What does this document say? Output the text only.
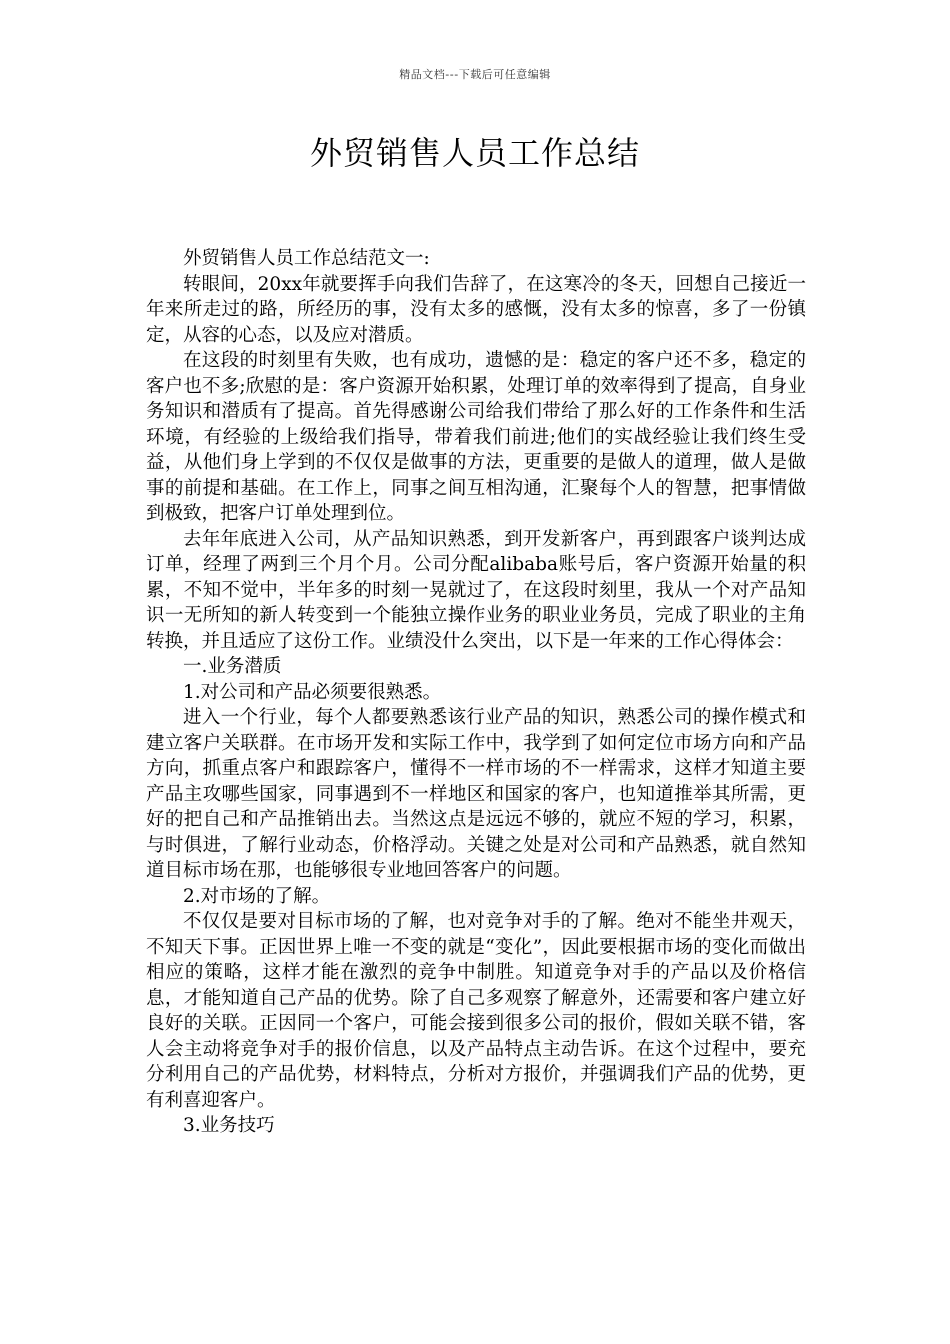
精品文档---下载后可任意编辑
外贸销售人员工作总结

外贸销售人员工作总结范文一:

转眼间，20xx年就要挥手向我们告辞了，在这寒冷的冬天，回想自己接近一年来所走过的路，所经历的事，没有太多的感慨，没有太多的惊喜，多了一份镇定，从容的心态，以及应对潜质。

在这段的时刻里有失败，也有成功，遗憾的是：稳定的客户还不多，稳定的客户也不多;欣慰的是：客户资源开始积累，处理订单的效率得到了提高，自身业务知识和潜质有了提高。首先得感谢公司给我们带给了那么好的工作条件和生活环境，有经验的上级给我们指导，带着我们前进;他们的实战经验让我们终生受益，从他们身上学到的不仅仅是做事的方法，更重要的是做人的道理，做人是做事的前提和基础。在工作上，同事之间互相沟通，汇聚每个人的智慧，把事情做到极致，把客户订单处理到位。

去年年底进入公司，从产品知识熟悉，到开发新客户，再到跟客户谈判达成订单，经理了两到三个月个月。公司分配alibaba账号后，客户资源开始量的积累，不知不觉中，半年多的时刻一晃就过了，在这段时刻里，我从一个对产品知识一无所知的新人转变到一个能独立操作业务的职业业务员，完成了职业的主角转换，并且适应了这份工作。业绩没什么突出，以下是一年来的工作心得体会：

一.业务潜质

1.对公司和产品必须要很熟悉。

进入一个行业，每个人都要熟悉该行业产品的知识，熟悉公司的操作模式和建立客户关联群。在市场开发和实际工作中，我学到了如何定位市场方向和产品方向，抓重点客户和跟踪客户，懂得不一样市场的不一样需求，这样才知道主要产品主攻哪些国家，同事遇到不一样地区和国家的客户，也知道推举其所需，更好的把自己和产品推销出去。当然这点是远远不够的，就应不短的学习，积累，与时俱进，了解行业动态，价格浮动。关键之处是对公司和产品熟悉，就自然知道目标市场在那，也能够很专业地回答客户的问题。

2.对市场的了解。

不仅仅是要对目标市场的了解，也对竞争对手的了解。绝对不能坐井观天，不知天下事。正因世界上唯一不变的就是“变化”，因此要根据市场的变化而做出相应的策略，这样才能在激烈的竞争中制胜。知道竞争对手的产品以及价格信息，才能知道自己产品的优势。除了自己多观察了解意外，还需要和客户建立好良好的关联。正因同一个客户，可能会接到很多公司的报价，假如关联不错，客人会主动将竞争对手的报价信息，以及产品特点主动告诉。在这个过程中，要充分利用自己的产品优势，材料特点，分析对方报价，并强调我们产品的优势，更有利喜迎客户。

3.业务技巧
